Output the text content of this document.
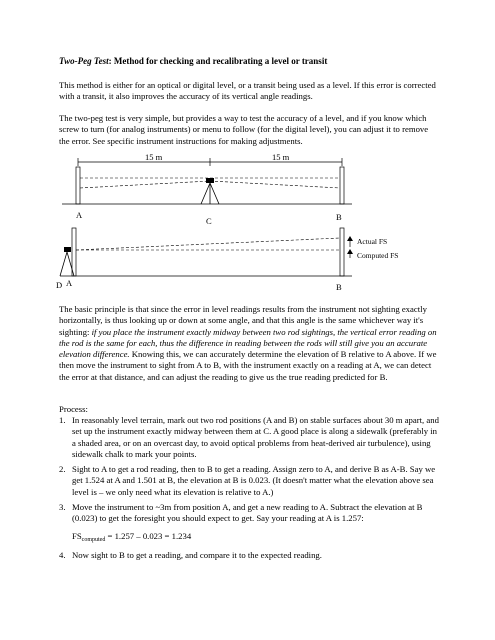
Two-Peg Test: Method for checking and recalibrating a level or transit

This method is either for an optical or digital level, or a transit being used as a level. If this error is corrected with a transit, it also improves the accuracy of its vertical angle readings.

The two-peg test is very simple, but provides a way to test the accuracy of a level, and if you know which screw to turn (for analog instruments) or menu to follow (for the digital level), you can adjust it to remove the error. See specific instrument instructions for making adjustments.

15 m	15 m
A
C	B
Actual FS
Computed FS
D A	B

The basic principle is that since the error in level readings results from the instrument not sighting exactly horizontally, is thus looking up or down at some angle, and that this angle is the same whichever way it's sighting: if you place the instrument exactly midway between two rod sightings, the vertical error reading on the rod is the same for each, thus the difference in reading between the rods will still give you an accurate elevation difference. Knowing this, we can accurately determine the elevation of B relative to A above. If we then move the instrument to sight from A to B, with the instrument exactly on a reading at A, we can detect the error at that distance, and can adjust the reading to give us the true reading predicted for B.

Process:

1. In reasonably level terrain, mark out two rod positions (A and B) on stable surfaces about 30 m apart, and set up the instrument exactly midway between them at C. A good place is along a sidewalk (preferably in a shaded area, or on an overcast day, to avoid optical problems from heat-derived air turbulence), using sidewalk chalk to mark your points.
2. Sight to A to get a rod reading, then to B to get a reading. Assign zero to A, and derive B as A-B. Say we get 1.524 at A and 1.501 at B, the elevation at B is 0.023. (It doesn't matter what the elevation above sea level is – we only need what its elevation is relative to A.)
3. Move the instrument to ~3m from position A, and get a new reading to A. Subtract the elevation at B (0.023) to get the foresight you should expect to get. Say your reading at A is 1.257:
$FS_{computed} = 1.257 - 0.023 = 1.234$
4. Now sight to B to get a reading, and compare it to the expected reading.
